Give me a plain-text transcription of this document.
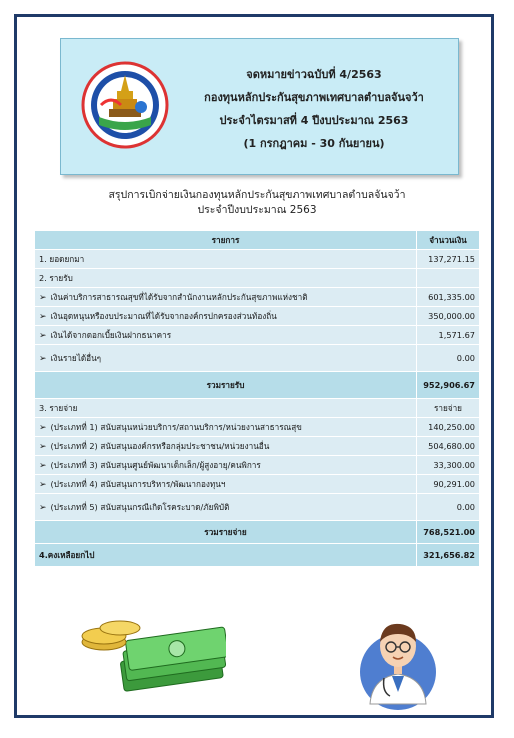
จดหมายข่าวฉบับที่ 4/2563
กองทุนหลักประกันสุขภาพเทศบาลตำบลจันจว้า
ประจำไตรมาสที่ 4 ปีงบประมาณ 2563
(1 กรกฎาคม - 30 กันยายน)
สรุปการเบิกจ่ายเงินกองทุนหลักประกันสุขภาพเทศบาลตำบลจันจว้า
ประจำปีงบประมาณ 2563
รายการ	จำนวนเงิน
1. ยอดยกมา	137,271.15
2. รายรับ	
➢ เงินค่าบริการสาธารณสุขที่ได้รับจากสำนักงานหลักประกันสุขภาพแห่งชาติ	601,335.00
➢ เงินอุดหนุนหรืองบประมาณที่ได้รับจากองค์กรปกครองส่วนท้องถิ่น	350,000.00
➢ เงินได้จากดอกเบี้ยเงินฝากธนาคาร	1,571.67
➢ เงินรายได้อื่นๆ	0.00
รวมรายรับ	952,906.67
3. รายจ่าย	รายจ่าย
➢ (ประเภทที่ 1) สนับสนุนหน่วยบริการ/สถานบริการ/หน่วยงานสาธารณสุข	140,250.00
➢ (ประเภทที่ 2) สนับสนุนองค์กรหรือกลุ่มประชาชน/หน่วยงานอื่น	504,680.00
➢ (ประเภทที่ 3) สนับสนุนศูนย์พัฒนาเด็กเล็ก/ผู้สูงอายุ/คนพิการ	33,300.00
➢ (ประเภทที่ 4) สนับสนุนการบริหาร/พัฒนากองทุนฯ	90,291.00
➢ (ประเภทที่ 5) สนับสนุนกรณีเกิดโรคระบาด/ภัยพิบัติ	0.00
รวมรายจ่าย	768,521.00
4.คงเหลือยกไป	321,656.82
